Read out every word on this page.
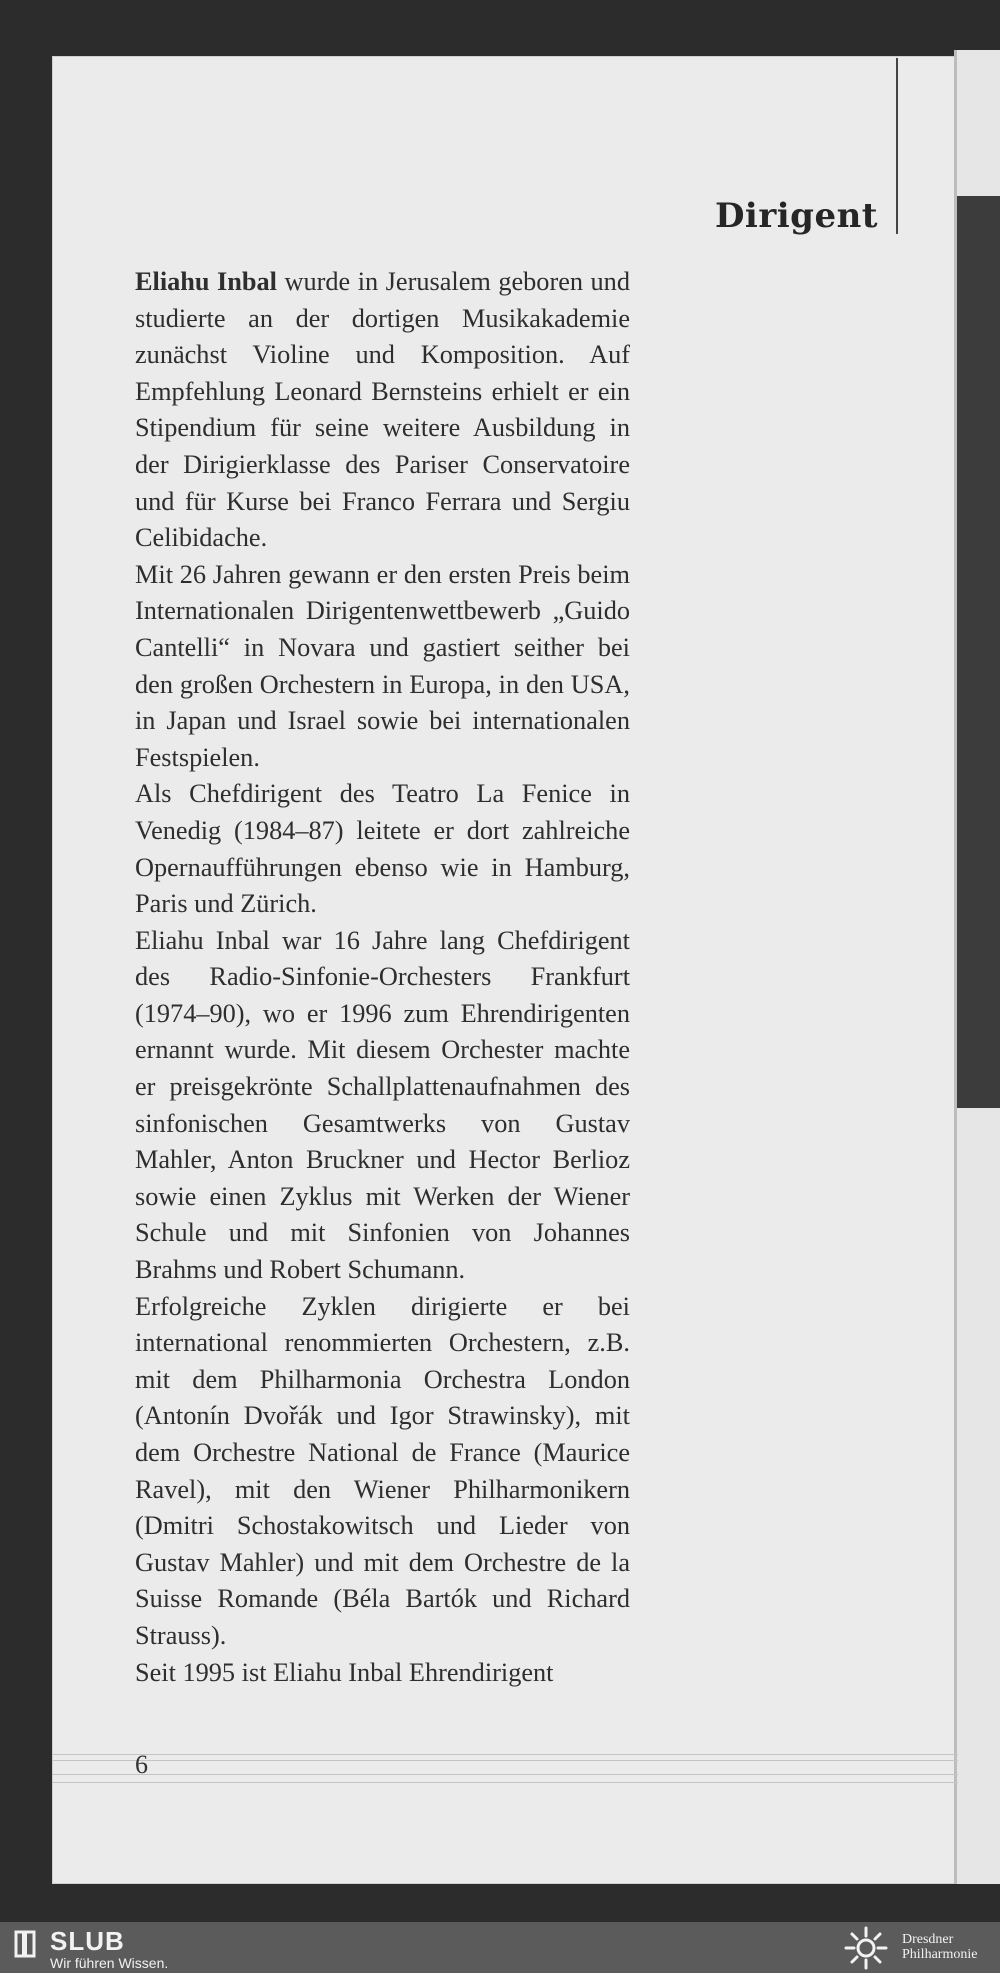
Dirigent

Eliahu Inbal wurde in Jerusalem geboren und studierte an der dortigen Musikakademie zunächst Violine und Komposition. Auf Empfehlung Leonard Bernsteins erhielt er ein Stipendium für seine weitere Ausbildung in der Dirigierklasse des Pariser Conservatoire und für Kurse bei Franco Ferrara und Sergiu Celibidache.

Mit 26 Jahren gewann er den ersten Preis beim Internationalen Dirigentenwettbewerb „Guido Cantelli“ in Novara und gastiert seither bei den großen Orchestern in Europa, in den USA, in Japan und Israel sowie bei internationalen Festspielen.

Als Chefdirigent des Teatro La Fenice in Venedig (1984–87) leitete er dort zahlreiche Opernaufführungen ebenso wie in Hamburg, Paris und Zürich.

Eliahu Inbal war 16 Jahre lang Chefdirigent des Radio-Sinfonie-Orchesters Frankfurt (1974–90), wo er 1996 zum Ehrendirigenten ernannt wurde. Mit diesem Orchester machte er preisgekrönte Schallplattenaufnahmen des sinfonischen Gesamtwerks von Gustav Mahler, Anton Bruckner und Hector Berlioz sowie einen Zyklus mit Werken der Wiener Schule und mit Sinfonien von Johannes Brahms und Robert Schumann.

Erfolgreiche Zyklen dirigierte er bei international renommierten Orchestern, z.B. mit dem Philharmonia Orchestra London (Antonín Dvořák und Igor Strawinsky), mit dem Orchestre National de France (Maurice Ravel), mit den Wiener Philharmonikern (Dmitri Schostakowitsch und Lieder von Gustav Mahler) und mit dem Orchestre de la Suisse Romande (Béla Bartók und Richard Strauss).

Seit 1995 ist Eliahu Inbal Ehrendirigent

6
SLUB
Wir führen Wissen.
Dresdner
Philharmonie
